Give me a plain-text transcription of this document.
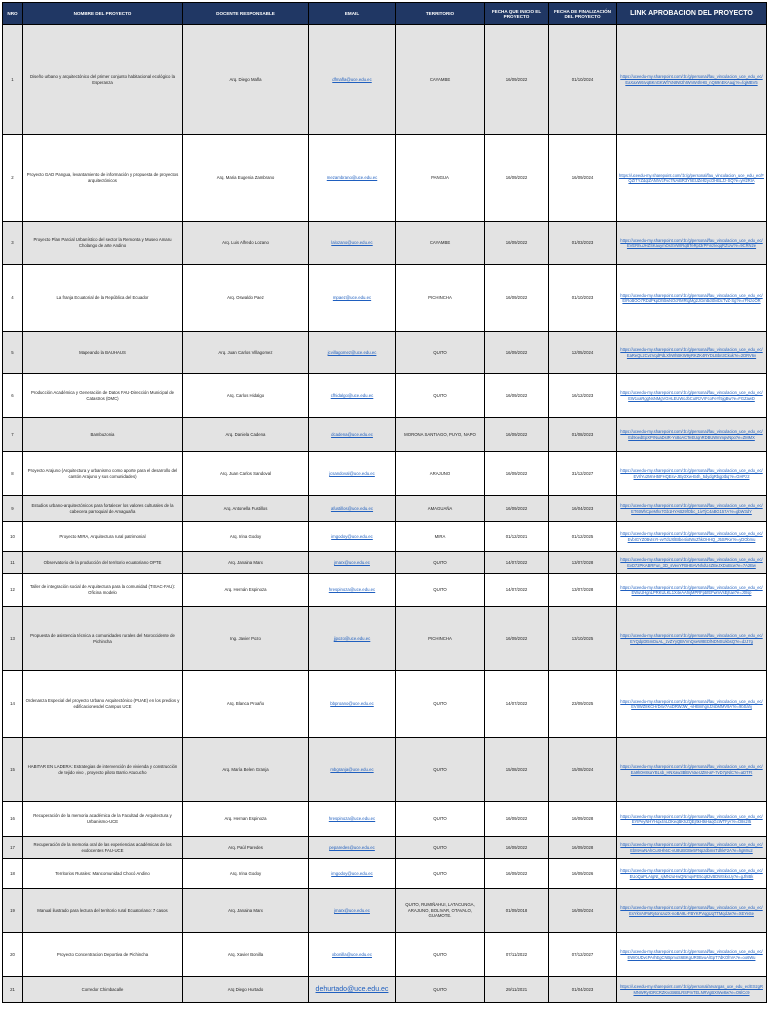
NRO	NOMBRE DEL PROYECTO	DOCENTE RESPONSABLE	EMAIL	TERRITORIO	FECHA QUE INICIO EL PROYECTO	FECHA DE FINALIZACIÓN DEL PROYECTO	LINK APROBACION DEL PROYECTO
1	Diseño urbano y arquitectónico del primer conjunto habitacional ecológico la Esperanza	Arq. Diego Mafla	dfmafla@uce.edu.ec	CAYAMBE	16/09/2022	01/10/2024	https://uceedu-my.sharepoint.com/:b:/g/personal/fau_vinculacion_uce_edu_ec/EaXaxW6IvqBKnGKWf7sN8W2hIWnW4hHB_nQ69nEKAaqj?e=fqjMBV5
2	Proyecto GAD Pangua, levantamiento de información y propuesta de proyectos arquitectónicos	Arq. Maria Eugenia Zambrano	mezambrano@uce.edu.ec	PANGUA	16/09/2022	16/09/2024	https://uceedu-my.sharepoint.com/:b:/g/personal/fau_vinculacion_uce_edu_ec/FQZITYZdqlZANhVcFvc7NAiBR3YhEUZe8zycOHBLJz-SQ?e=yH2RIA
3	Proyecto Plan Parcial Urbanístico del sector la Remonta y Museo Amaru Cholango de arte Andino	Arq. Luis Alfredo Lozano	lalozano@uce.edu.ec	CAYAMBE	16/09/2022	01/03/2023	https://uceedu-my.sharepoint.com/:b:/g/personal/fau_vinculacion_uce_edu_ec/EVERhuJHZSKauymOsSVWIRqBTeRpt3rPFinzIeqqRZUw?e=9CRN2e
4	La franja Ecuatorial de la República del Ecuador	Arq. Oswaldo Paez	mpaez@uce.edu.ec	PICHINCHA	16/09/2022	01/10/2023	https://uceedu-my.sharepoint.com/:b:/g/personal/fau_vinculacion_uce_edu_ec/EIRoBOO7RDdPkpDhBwNOcRMRtgMg2JGmBdt0vlDcTvZ-Sg?e=rFNzoOR
5	Mapeando la BAUHAUS	Arq. Juan Carlos Villagomez	jcvillagomez@uce.edu.ec	QUITO	16/09/2022	12/05/2024	https://uceedu-my.sharepoint.com/:b:/g/personal/fau_vinculacion_uce_edu_ec/EaReQLzCvzVqdPdLXhWhBKW9yRKZK4RYDLBbn3Ckuk?e=2DRV6v
6	Producción Académica y Generación de Datos FAU-Dirección Municipal de Catastros (DMC)	Arq. Carlos Hidalgo	cfhidalgo@uce.edu.ec	QUITO	16/09/2022	16/12/2023	https://uceedu-my.sharepoint.com/:b:/g/personal/fau_vinculacion_uce_edu_ec/EW1xaRggNsNMgVGHLEUWoJbCuIRzVrFcoFeYl5jgBw?e=FGZawD
7	Bambuzonia	Arq. Daniela Cadena	dcadena@uce.edu.ec	MORONA SANTIAGO, PUYO, NAPO	16/09/2022	01/08/2023	https://uceedu-my.sharepoint.com/:b:/g/personal/fau_vinculacion_uce_edu_ec/Ed9oedEpXPrNuaDsIR-Yx8oACTeEUqnRDBUWmmpvNpo?e=ZMMX
8	Proyecto Arajuno (Arquitectura y urbanismo como aporte para el desarrollo del cantón Arajuno y sus comunidades)	Arq. Juan Carlos Sandoval	jcsandoval@uce.edu.ec	ARAJUNO	16/09/2022	31/12/2027	https://uceedu-my.sharepoint.com/:b:/g/personal/fau_vinculacion_uce_edu_ec/EVIlYu2MnH5tFHQEsv-JBy3Xw-B4h_5dydgRbgptbq?e=GHPz2
9	Estudios urbano-arquitectónicos para fortalecer los valores culturales de la cabecera parroquial de Amaguaña	Arq. Antonella Fustillos	afustillos@uce.edu.ec	AMAGUAÑA	16/09/2022	16/04/2023	https://uceedu-my.sharepoint.com/:b:/g/personal/fau_vinculacion_uce_edu_ec/ET6tWhCpeMhx7Gb1HYAB29fObc_1ivTjC4aBG157A?e=gbW3dY
10	Proyecto MIRA, Arquitectura rural patrimonial	Arq. Irina Godoy	imgodoy@uce.edu.ec	MIRA	01/12/2021	01/12/2025	https://uceedu-my.sharepoint.com/:b:/g/personal/fau_vinculacion_uce_edu_ec/EvbIGYZ0BvIsYI-vvTdUXlBIbe4iotWxZhkOHHQ_J5SPKe?e=yDObmu
11	Observatorio de la producción del territorio ecuatoriano OPTE	Arq. Janaina Marx	jmarx@uce.edu.ec	QUITO	14/07/2022	13/07/2028	https://uceedu-my.sharepoint.com/:b:/g/personal/fau_vinculacion_uce_edu_ec/EvD72PKABRFun_3D_sVevYFBHBAVNhdU4ZBeJXDoBcw?e=7A2Bw
12	Taller de integración social de Arquitectura para la comunidad (TISAC-FAU): Oficina modelo	Arq. Hernán Espinoza	hrespinoza@uce.edu.ec	QUITO	14/07/2022	13/07/2028	https://uceedu-my.sharepoint.com/:b:/g/personal/fau_vinculacion_uce_edu_ec/EWuUHgnLPRKULKL1X4eAAfnjMPRFpbfEFwmVsEjfuw?e=J0Isp
13	Propuesta de asistencia técnica a comunidades rurales del Noroccidente de Pichincha	Ing. Javier Pozo	jjpozo@uce.edu.ec	PICHINCHA	16/09/2022	13/10/2025	https://uceedu-my.sharepoint.com/:b:/g/personal/fau_vinculacion_uce_edu_ec/EYQdpDt5mDuAL_zvZYyQBVVnQseW8EDlNDNSUkbsQ?e=dzJ7g
14	Ordenanza Especial del proyecto Urbano Arquitectónico (PUAE) en los predios y edificacionesdel Campus UCE	Arq. Blanca Proaño	bbproano@uce.edu.ec	QUITO	14/07/2022	23/09/2025	https://uceedu-my.sharepoint.com/:b:/g/personal/fau_vinculacion_uce_edu_ec/EVIIWZ8KCHrD4v7AxDRWJW_-vHBmhgnJzsbMMV9A?e=9bSahj
15	HABITAR EN LADERA: Estrategias de intervención de vivienda y construcción de tejido vivo , proyecto piloto Barrio Atucucho	Arq. María Belen Granja	mbgranja@uce.edu.ec	QUITO	15/08/2022	15/08/2024	https://uceedu-my.sharepoint.com/:b:/g/personal/fau_vinculacion_uce_edu_ec/Ea9h0H8saYBLsb_HNXaw3BlBVVaeIJZM-aF-7vD7pNlC?e=aDTFt
16	Recuperación de la memoria académica de la Facultad de Arquitectura y Urbanismo-UCE	Arq. Hernan Espinoza	hrespinoza@uce.edu.ec	QUITO	16/09/2022	16/09/2028	https://uceedu-my.sharepoint.com/:b:/g/personal/fau_vinculacion_uce_edu_ec/EYIPeyNHYHqx4nLDKeqBKhZQEjftkHtkHaqGcWTFjA?e=D8s2I5
17	Recuperación de la memoria oral de las experiencias académicas de los exdocentes FAU-UCE	Arq. Paúl Paredes	peparedes@uce.edu.ec	QUITO	16/09/2022	16/09/2028	https://uceedu-my.sharepoint.com/:b:/g/personal/fau_vinculacion_uce_edu_ec/EbMAwNAhCuXHh6C-vU8UBGBe5FNpzdbmsTdhkF2A?e=hgMru2
18	Territorios Rurales: Mancomunidad Chocó Andino	Arq. Irina Godoy	imgodoy@uce.edu.ec	QUITO	16/09/2022	16/09/2026	https://uceedu-my.sharepoint.com/:b:/g/personal/fau_vinculacion_uce_edu_ec/EUoQaPLAIgNt_sjMNzuHwQNmqvFE5cq82vBDWSkxUy?e=gJhIBk
19	Manual ilustrado para lectura del territorio rural Ecuatoriano: 7 casos	Arq. Janaina Marx	jmarx@uce.edu.ec	QUITO, RUMIÑAHUI, LATACUNGA, ARAJUNO, BOLIVAR, OTAVALO, GUAMOTE.	01/09/2018	16/09/2024	https://uceedu-my.sharepoint.com/:b:/g/personal/fau_vinculacion_uce_edu_ec/EsYkVAIPaRytonUuzX-noBA9L-FBYKPVqgUqTTMqdJw?e=XEYeSe
20	Proyecto Concentracion Deportiva de Pichincha	Arq. Xavier Bonilla	xbonilla@uce.edu.ec	QUITO	07/11/2022	07/12/2027	https://uceedu-my.sharepoint.com/:b:/g/personal/fau_vinculacion_uce_edu_ec/EWr0UDvcPArhEgCNBpmoS6BKgUR0BvuAlGpT7dKOhVA?e=oo6Wu
21	Corredor Chimbacalle	Arq Diego Hurtado	dehurtado@uce.edu.ec	QUITO	29/11/2021	01/04/2023	https://uceedu-my.sharepoint.com/:b:/g/personal/arvargas_uce_edu_ec/ESzgRMNWRyrDRCRZKvcB6BLRSPmTELNRVgBXWw8w?e=O6lCc9
